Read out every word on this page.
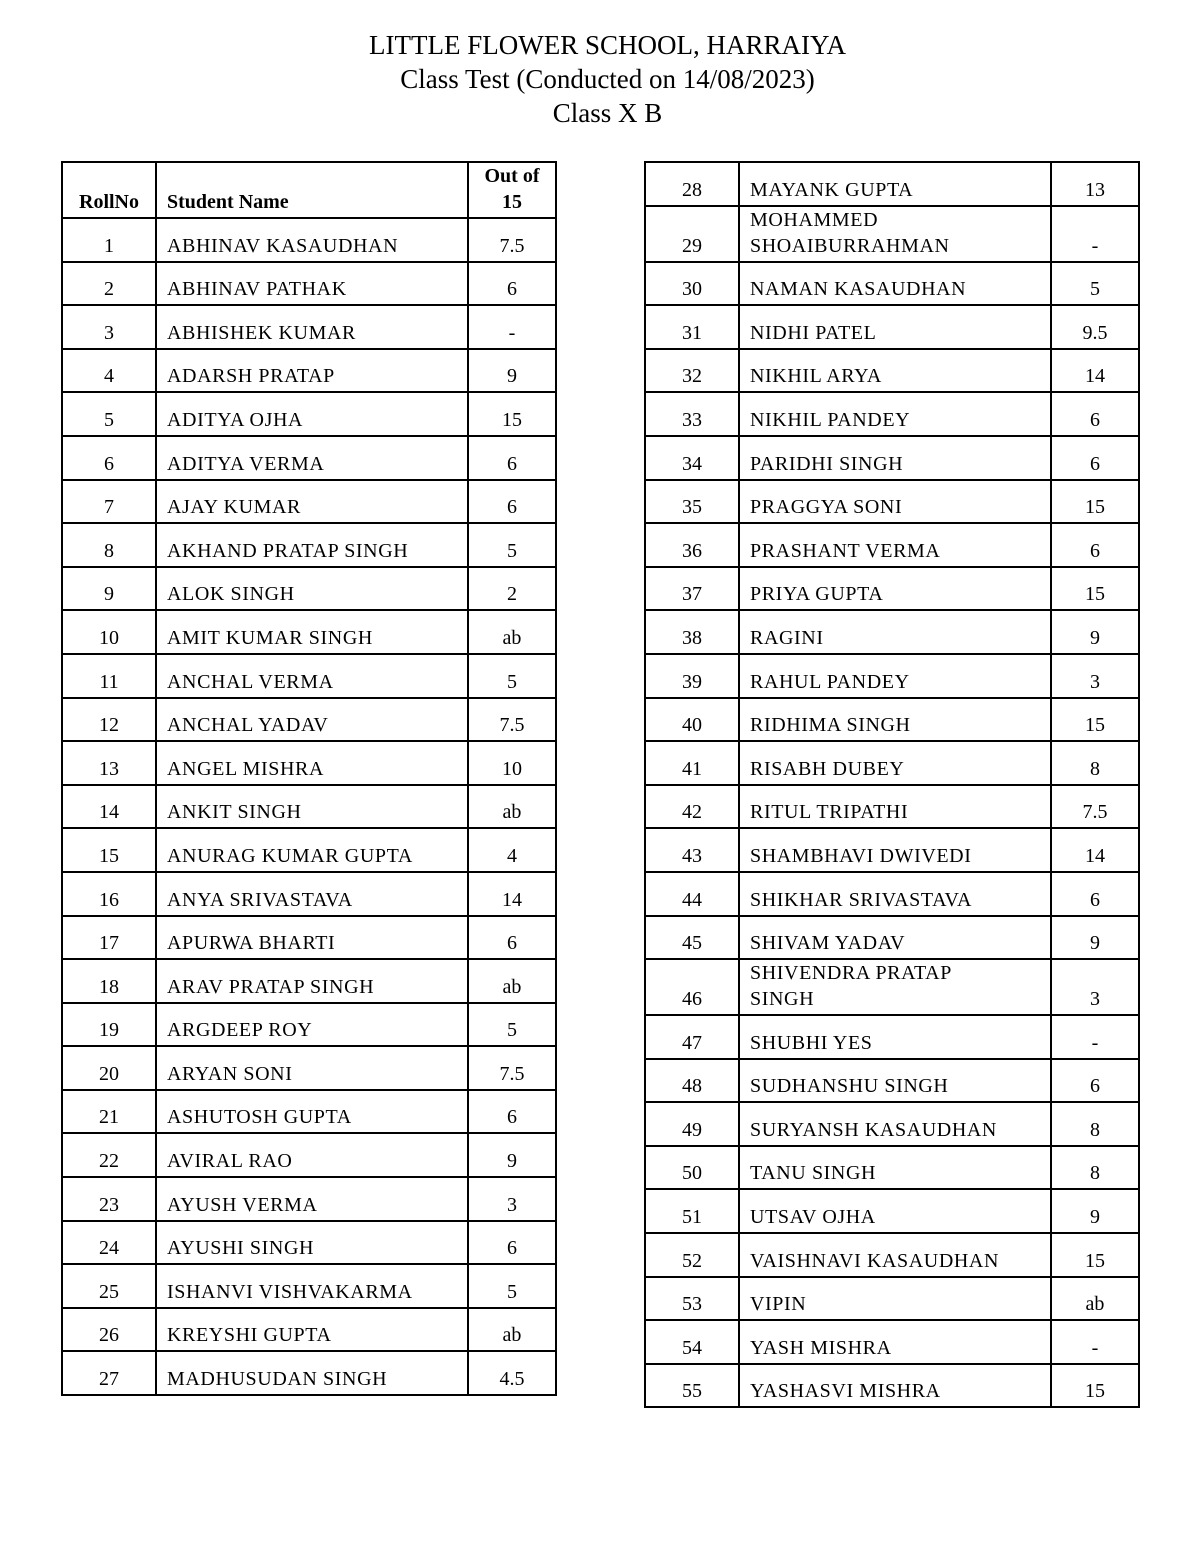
LITTLE FLOWER SCHOOL, HARRAIYA
Class Test (Conducted on 14/08/2023)
Class X B
RollNo	Student Name	Out of
15

1	ABHINAV KASAUDHAN	7.5
2	ABHINAV PATHAK	6
3	ABHISHEK KUMAR	-
4	ADARSH PRATAP	9
5	ADITYA OJHA	15
6	ADITYA VERMA	6
7	AJAY KUMAR	6
8	AKHAND PRATAP SINGH	5
9	ALOK SINGH	2
10	AMIT KUMAR SINGH	ab
11	ANCHAL VERMA	5
12	ANCHAL YADAV	7.5
13	ANGEL MISHRA	10
14	ANKIT SINGH	ab
15	ANURAG KUMAR GUPTA	4
16	ANYA SRIVASTAVA	14
17	APURWA BHARTI	6
18	ARAV PRATAP SINGH	ab
19	ARGDEEP ROY	5
20	ARYAN SONI	7.5
21	ASHUTOSH GUPTA	6
22	AVIRAL RAO	9
23	AYUSH VERMA	3
24	AYUSHI SINGH	6
25	ISHANVI VISHVAKARMA	5
26	KREYSHI GUPTA	ab
27	MADHUSUDAN SINGH	4.5
28	MAYANK GUPTA	13
29	MOHAMMED
SHOAIBURRAHMAN	-
30	NAMAN KASAUDHAN	5
31	NIDHI PATEL	9.5
32	NIKHIL ARYA	14
33	NIKHIL PANDEY	6
34	PARIDHI SINGH	6
35	PRAGGYA SONI	15
36	PRASHANT VERMA	6
37	PRIYA GUPTA	15
38	RAGINI	9
39	RAHUL PANDEY	3
40	RIDHIMA SINGH	15
41	RISABH DUBEY	8
42	RITUL TRIPATHI	7.5
43	SHAMBHAVI DWIVEDI	14
44	SHIKHAR SRIVASTAVA	6
45	SHIVAM YADAV	9
46	SHIVENDRA PRATAP
SINGH	3
47	SHUBHI YES	-
48	SUDHANSHU SINGH	6
49	SURYANSH KASAUDHAN	8
50	TANU SINGH	8
51	UTSAV OJHA	9
52	VAISHNAVI KASAUDHAN	15
53	VIPIN	ab
54	YASH MISHRA	-
55	YASHASVI MISHRA	15
